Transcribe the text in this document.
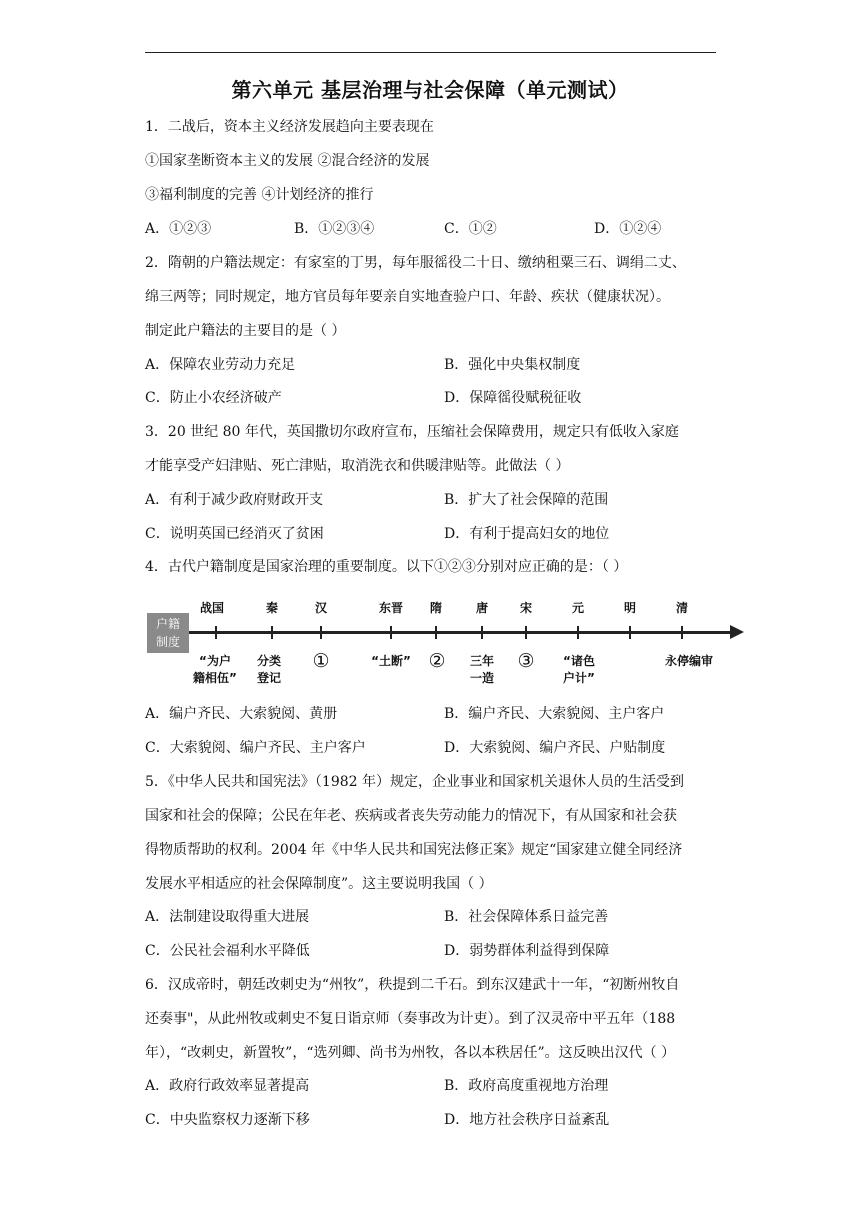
第六单元 基层治理与社会保障（单元测试）
1．二战后，资本主义经济发展趋向主要表现在
①国家垄断资本主义的发展 ②混合经济的发展
③福利制度的完善 ④计划经济的推行
A．①②③	B．①②③④	C．①②	D．①②④
2．隋朝的户籍法规定：有家室的丁男，每年服徭役二十日、缴纳租粟三石、调绢二丈、
绵三两等；同时规定，地方官员每年要亲自实地查验户口、年龄、疾状（健康状况）。
制定此户籍法的主要目的是（ ）
A．保障农业劳动力充足	B．强化中央集权制度
C．防止小农经济破产	D．保障徭役赋税征收
3．20 世纪 80 年代，英国撒切尔政府宣布，压缩社会保障费用，规定只有低收入家庭
才能享受产妇津贴、死亡津贴，取消洗衣和供暖津贴等。此做法（ ）
A．有利于减少政府财政开支	B．扩大了社会保障的范围
C．说明英国已经消灭了贫困	D．有利于提高妇女的地位
4．古代户籍制度是国家治理的重要制度。以下①②③分别对应正确的是：（ ）
户籍
制度
战国	秦	汉	东晋 隋	唐	宋	元	明	清
“为户
籍相伍”
分类
登记
①	“土断” ② 三年
一造
③ “诸色
户计”
永停编审
A．编户齐民、大索貌阅、黄册	B．编户齐民、大索貌阅、主户客户
C．大索貌阅、编户齐民、主户客户	D．大索貌阅、编户齐民、户贴制度
5．《中华人民共和国宪法》（1982 年）规定，企业事业和国家机关退休人员的生活受到
国家和社会的保障；公民在年老、疾病或者丧失劳动能力的情况下，有从国家和社会获
得物质帮助的权利。2004 年《中华人民共和国宪法修正案》规定“国家建立健全同经济
发展水平相适应的社会保障制度”。这主要说明我国（ ）
A．法制建设取得重大进展	B．社会保障体系日益完善
C．公民社会福利水平降低	D．弱势群体利益得到保障
6．汉成帝时，朝廷改刺史为“州牧”，秩提到二千石。到东汉建武十一年，“初断州牧自
还奏事"，从此州牧或刺史不复日诣京师（奏事改为计吏）。到了汉灵帝中平五年（188
年），“改刺史，新置牧”，“选列卿、尚书为州牧，各以本秩居任”。这反映出汉代（ ）
A．政府行政效率显著提高	B．政府高度重视地方治理
C．中央监察权力逐渐下移	D．地方社会秩序日益紊乱
